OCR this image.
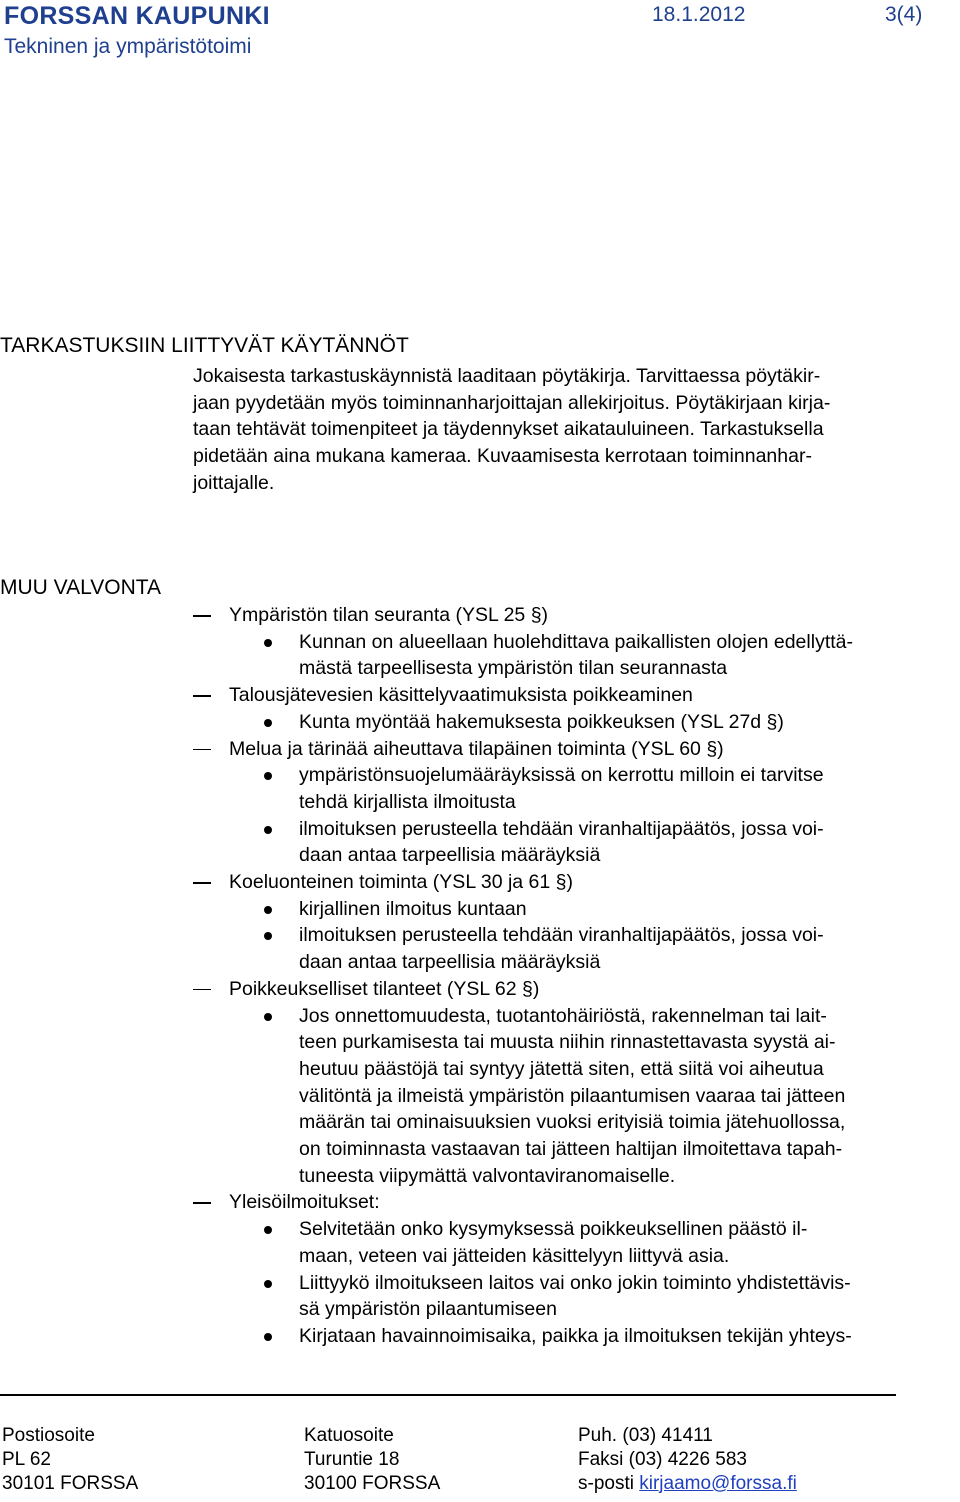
FORSSAN KAUPUNKI	18.1.2012	3(4)
Tekninen ja ympäristötoimi
TARKASTUKSIIN LIITTYVÄT KÄYTÄNNÖT
Jokaisesta tarkastuskäynnistä laaditaan pöytäkirja. Tarvittaessa pöytäkir-
jaan pyydetään myös toiminnanharjoittajan allekirjoitus. Pöytäkirjaan kirja-
taan tehtävät toimenpiteet ja täydennykset aikatauluineen. Tarkastuksella
pidetään aina mukana kameraa. Kuvaamisesta kerrotaan toiminnanhar-
joittajalle.
MUU VALVONTA
Ympäristön tilan seuranta (YSL 25 §)
Kunnan on alueellaan huolehdittava paikallisten olojen edellyttä-
mästä tarpeellisesta ympäristön tilan seurannasta
Talousjätevesien käsittelyvaatimuksista poikkeaminen
Kunta myöntää hakemuksesta poikkeuksen (YSL 27d §)
Melua ja tärinää aiheuttava tilapäinen toiminta (YSL 60 §)
ympäristönsuojelumääräyksissä on kerrottu milloin ei tarvitse
tehdä kirjallista ilmoitusta
ilmoituksen perusteella tehdään viranhaltijapäätös, jossa voi-
daan antaa tarpeellisia määräyksiä
Koeluonteinen toiminta (YSL 30 ja 61 §)
kirjallinen ilmoitus kuntaan
ilmoituksen perusteella tehdään viranhaltijapäätös, jossa voi-
daan antaa tarpeellisia määräyksiä
Poikkeukselliset tilanteet (YSL 62 §)
Jos onnettomuudesta, tuotantohäiriöstä, rakennelman tai lait-
teen purkamisesta tai muusta niihin rinnastettavasta syystä ai-
heutuu päästöjä tai syntyy jätettä siten, että siitä voi aiheutua
välitöntä ja ilmeistä ympäristön pilaantumisen vaaraa tai jätteen
määrän tai ominaisuuksien vuoksi erityisiä toimia jätehuollossa,
on toiminnasta vastaavan tai jätteen haltijan ilmoitettava tapah-
tuneesta viipymättä valvontaviranomaiselle.
Yleisöilmoitukset:
Selvitetään onko kysymyksessä poikkeuksellinen päästö il-
maan, veteen vai jätteiden käsittelyyn liittyvä asia.
Liittyykö ilmoitukseen laitos vai onko jokin toiminto yhdistettävis-
sä ympäristön pilaantumiseen
Kirjataan havainnoimisaika, paikka ja ilmoituksen tekijän yhteys-
Postiosoite
PL 62
30101 FORSSA
Katuosoite
Turuntie 18
30100 FORSSA
Puh. (03) 41411
Faksi (03) 4226 583
s-posti kirjaamo@forssa.fi
